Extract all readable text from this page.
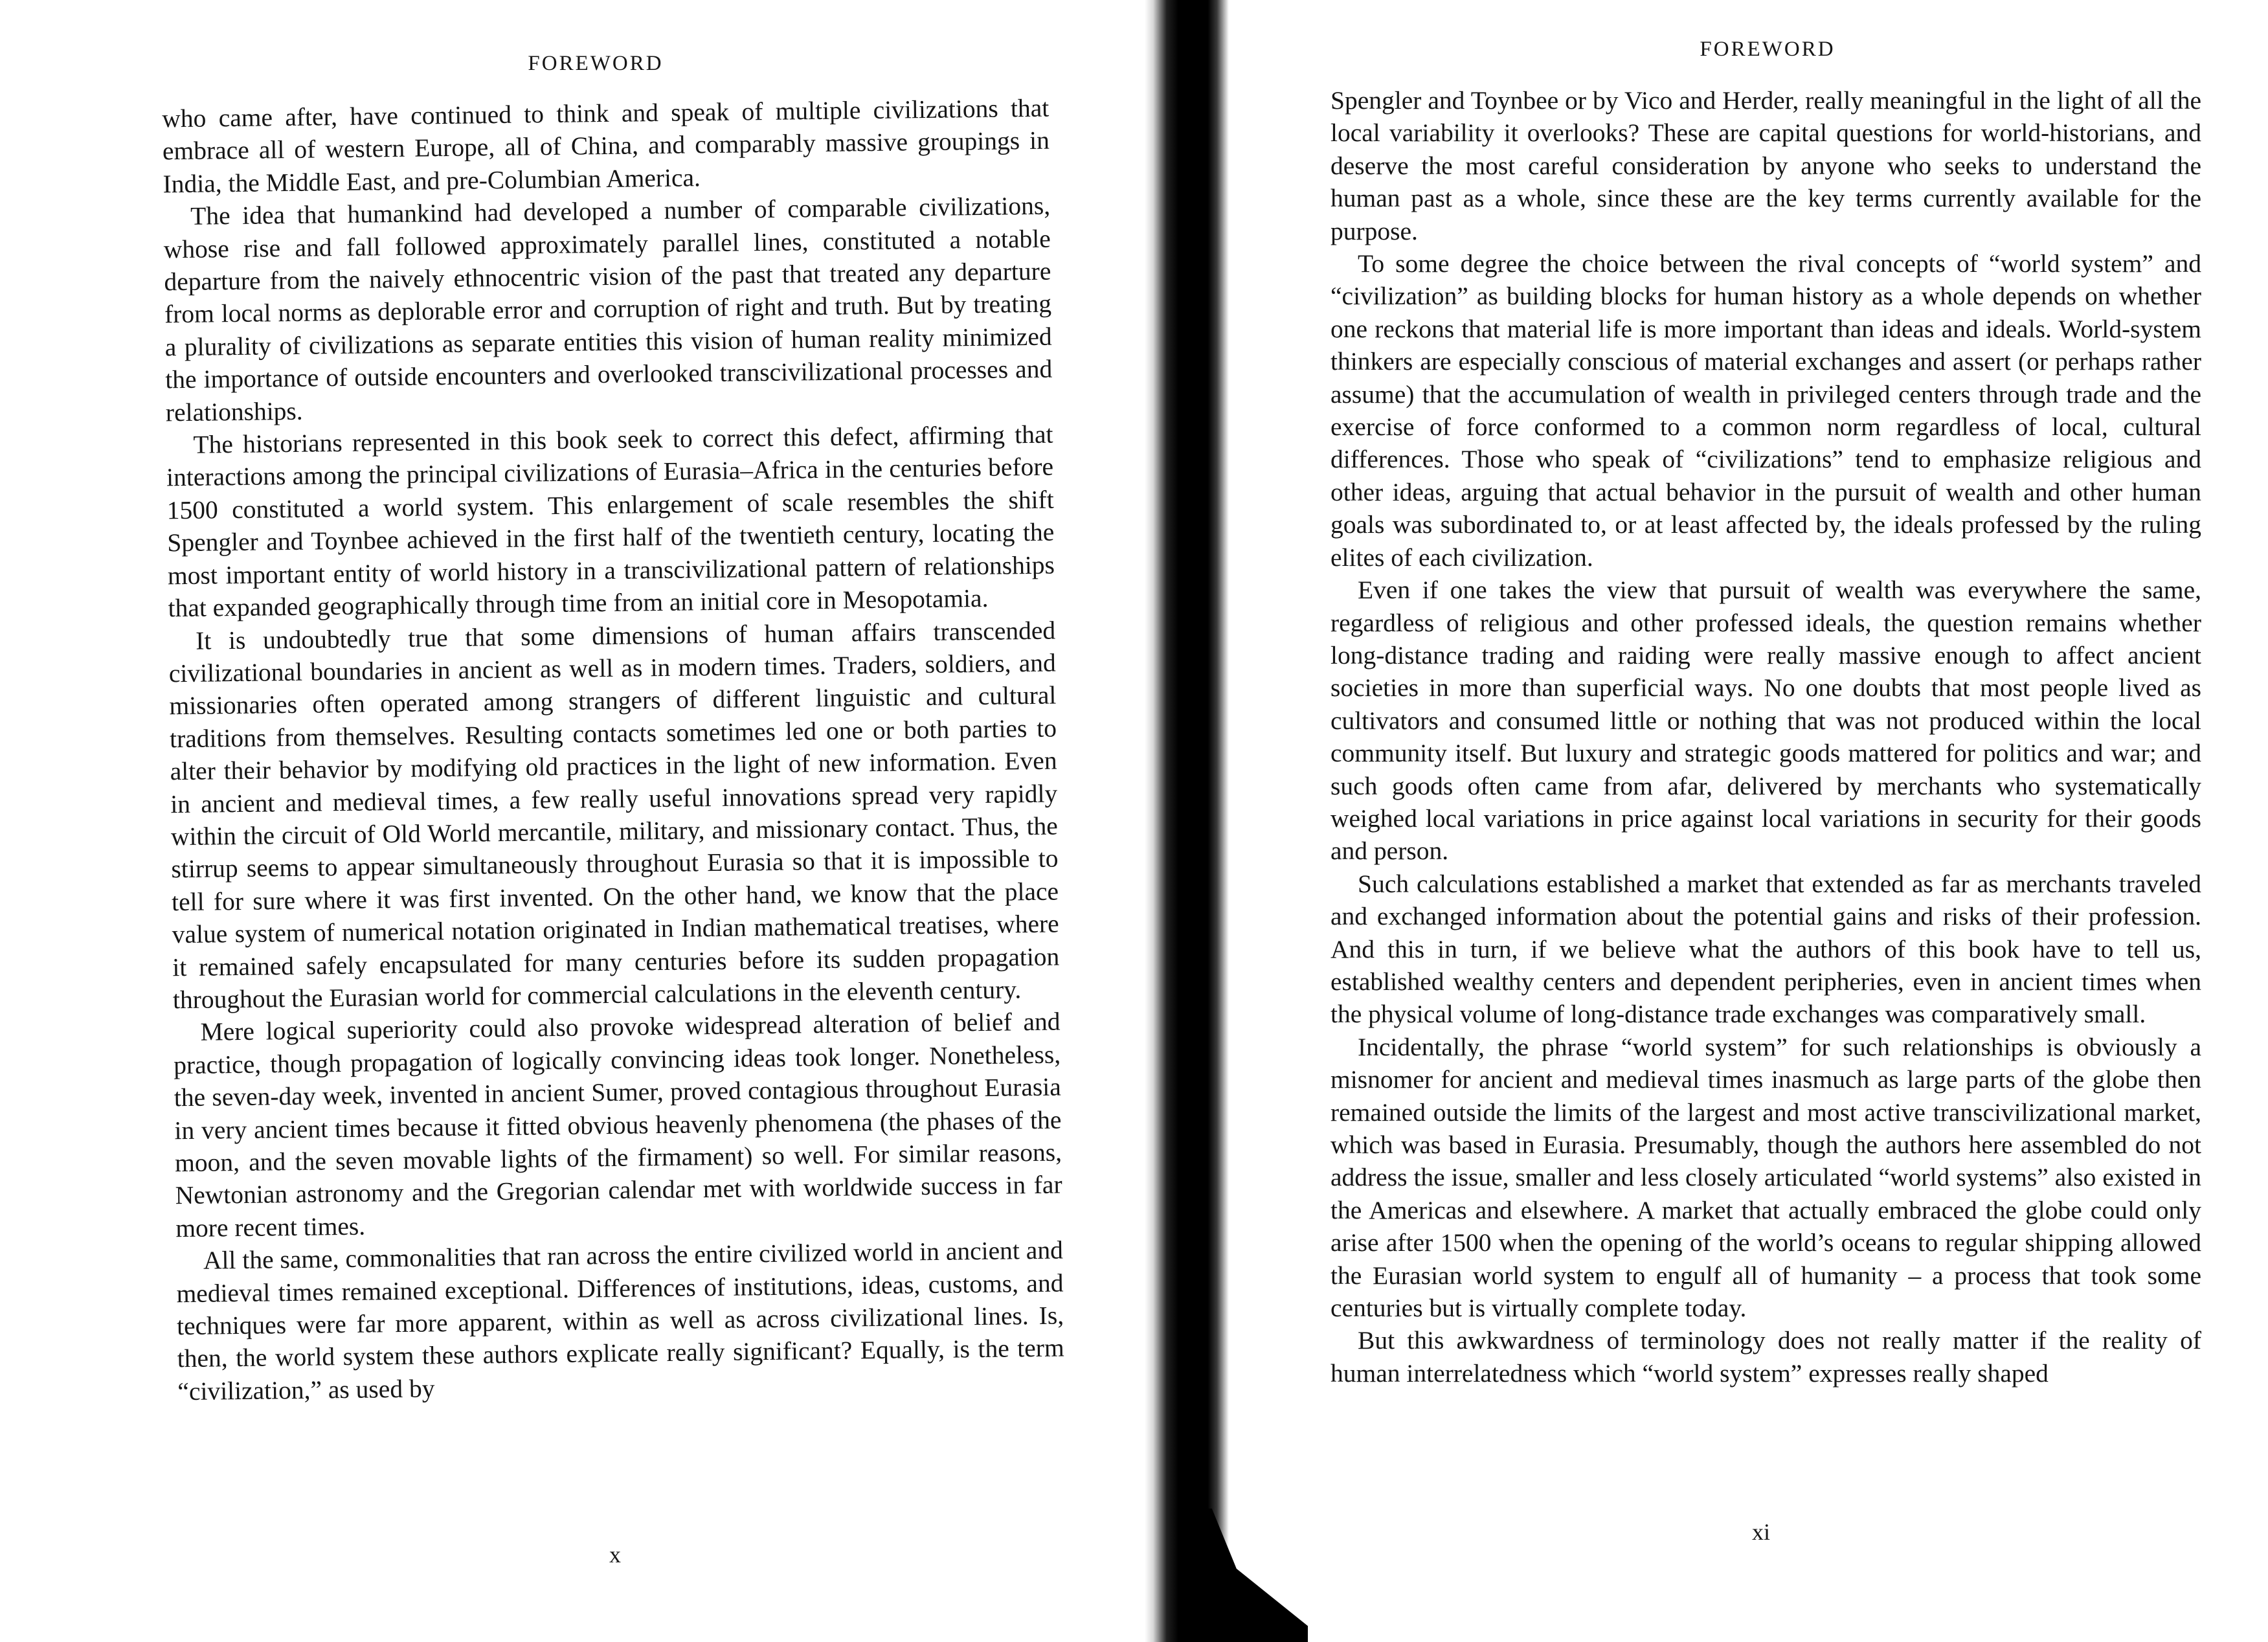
FOREWORD

who came after, have continued to think and speak of multiple civilizations that embrace all of western Europe, all of China, and comparably massive groupings in India, the Middle East, and pre-Columbian America.

The idea that humankind had developed a number of comparable civilizations, whose rise and fall followed approximately parallel lines, constituted a notable departure from the naively ethnocentric vision of the past that treated any departure from local norms as deplorable error and corruption of right and truth. But by treating a plurality of civilizations as separate entities this vision of human reality minimized the importance of outside encounters and overlooked transcivilizational processes and relationships.

The historians represented in this book seek to correct this defect, affirming that interactions among the principal civilizations of Eurasia–Africa in the centuries before 1500 constituted a world system. This enlargement of scale resembles the shift Spengler and Toynbee achieved in the first half of the twentieth century, locating the most important entity of world history in a transcivilizational pattern of relationships that expanded geographically through time from an initial core in Mesopotamia.

It is undoubtedly true that some dimensions of human affairs transcended civilizational boundaries in ancient as well as in modern times. Traders, soldiers, and missionaries often operated among strangers of different linguistic and cultural traditions from themselves. Resulting contacts sometimes led one or both parties to alter their behavior by modifying old practices in the light of new information. Even in ancient and medieval times, a few really useful innovations spread very rapidly within the circuit of Old World mercantile, military, and missionary contact. Thus, the stirrup seems to appear simultaneously throughout Eurasia so that it is impossible to tell for sure where it was first invented. On the other hand, we know that the place value system of numerical notation originated in Indian mathematical treatises, where it remained safely encapsulated for many centuries before its sudden propagation throughout the Eurasian world for commercial calculations in the eleventh century.

Mere logical superiority could also provoke widespread alteration of belief and practice, though propagation of logically convincing ideas took longer. Nonetheless, the seven-day week, invented in ancient Sumer, proved contagious throughout Eurasia in very ancient times because it fitted obvious heavenly phenomena (the phases of the moon, and the seven movable lights of the firmament) so well. For similar reasons, Newtonian astronomy and the Gregorian calendar met with worldwide success in far more recent times.

All the same, commonalities that ran across the entire civilized world in ancient and medieval times remained exceptional. Differences of institutions, ideas, customs, and techniques were far more apparent, within as well as across civilizational lines. Is, then, the world system these authors explicate really significant? Equally, is the term “civilization,” as used by

x
FOREWORD

Spengler and Toynbee or by Vico and Herder, really meaningful in the light of all the local variability it overlooks? These are capital questions for world-historians, and deserve the most careful consideration by anyone who seeks to understand the human past as a whole, since these are the key terms currently available for the purpose.

To some degree the choice between the rival concepts of “world system” and “civilization” as building blocks for human history as a whole depends on whether one reckons that material life is more important than ideas and ideals. World-system thinkers are especially conscious of material exchanges and assert (or perhaps rather assume) that the accumulation of wealth in privileged centers through trade and the exercise of force conformed to a common norm regardless of local, cultural differences. Those who speak of “civilizations” tend to emphasize religious and other ideas, arguing that actual behavior in the pursuit of wealth and other human goals was subordinated to, or at least affected by, the ideals professed by the ruling elites of each civilization.

Even if one takes the view that pursuit of wealth was everywhere the same, regardless of religious and other professed ideals, the question remains whether long-distance trading and raiding were really massive enough to affect ancient societies in more than superficial ways. No one doubts that most people lived as cultivators and consumed little or nothing that was not produced within the local community itself. But luxury and strategic goods mattered for politics and war; and such goods often came from afar, delivered by merchants who systematically weighed local variations in price against local variations in security for their goods and person.

Such calculations established a market that extended as far as merchants traveled and exchanged information about the potential gains and risks of their profession. And this in turn, if we believe what the authors of this book have to tell us, established wealthy centers and dependent peripheries, even in ancient times when the physical volume of long-distance trade exchanges was comparatively small.

Incidentally, the phrase “world system” for such relationships is obviously a misnomer for ancient and medieval times inasmuch as large parts of the globe then remained outside the limits of the largest and most active transcivilizational market, which was based in Eurasia. Presumably, though the authors here assembled do not address the issue, smaller and less closely articulated “world systems” also existed in the Americas and elsewhere. A market that actually embraced the globe could only arise after 1500 when the opening of the world’s oceans to regular shipping allowed the Eurasian world system to engulf all of humanity – a process that took some centuries but is virtually complete today.

But this awkwardness of terminology does not really matter if the reality of human interrelatedness which “world system” expresses really shaped

xi
